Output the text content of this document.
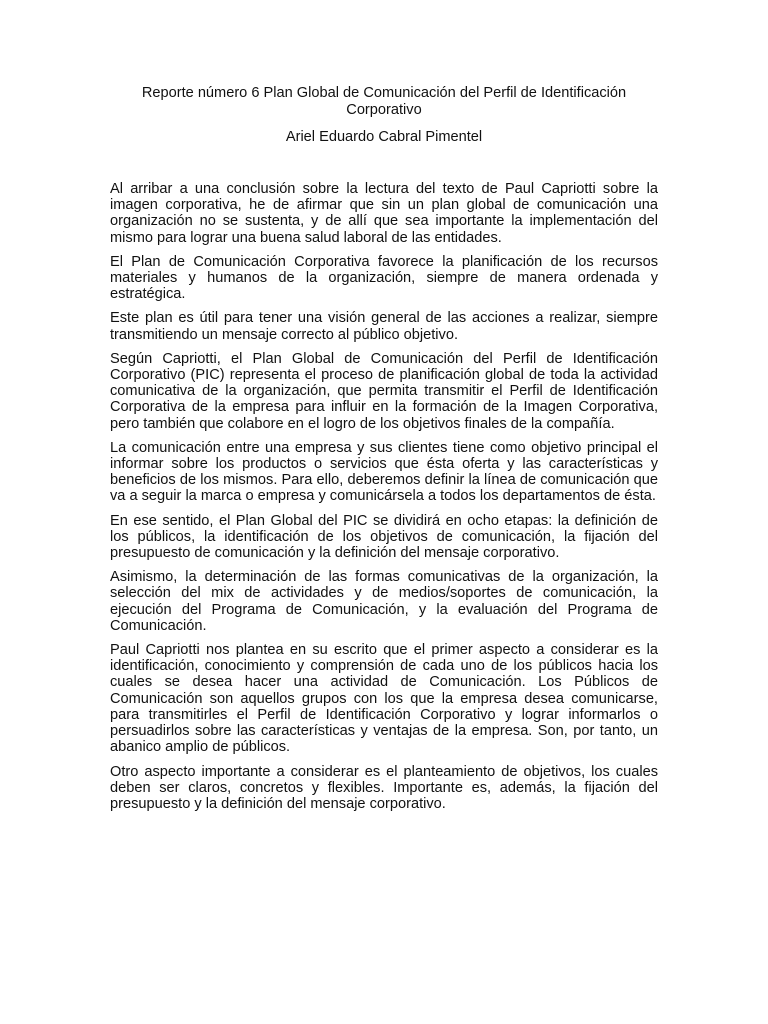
Reporte número 6 Plan Global de Comunicación del Perfil de Identificación Corporativo

Ariel Eduardo Cabral Pimentel

Al arribar a una conclusión sobre la lectura del texto de Paul Capriotti sobre la imagen corporativa, he de afirmar que sin un plan global de comunicación una organización no se sustenta, y de allí que sea importante la implementación del mismo para lograr una buena salud laboral de las entidades.

El Plan de Comunicación Corporativa favorece la planificación de los recursos materiales y humanos de la organización, siempre de manera ordenada y estratégica.

Este plan es útil para tener una visión general de las acciones a realizar, siempre transmitiendo un mensaje correcto al público objetivo.

Según Capriotti, el Plan Global de Comunicación del Perfil de Identificación Corporativo (PIC) representa el proceso de planificación global de toda la actividad comunicativa de la organización, que permita transmitir el Perfil de Identificación Corporativa de la empresa para influir en la formación de la Imagen Corporativa, pero también que colabore en el logro de los objetivos finales de la compañía.

La comunicación entre una empresa y sus clientes tiene como objetivo principal el informar sobre los productos o servicios que ésta oferta y las características y beneficios de los mismos. Para ello, deberemos definir la línea de comunicación que va a seguir la marca o empresa y comunicársela a todos los departamentos de ésta.

En ese sentido, el Plan Global del PIC se dividirá en ocho etapas: la definición de los públicos, la identificación de los objetivos de comunicación, la fijación del presupuesto de comunicación y la definición del mensaje corporativo.

Asimismo, la determinación de las formas comunicativas de la organización, la selección del mix de actividades y de medios/soportes de comunicación, la ejecución del Programa de Comunicación, y la evaluación del Programa de Comunicación.

Paul Capriotti nos plantea en su escrito que el primer aspecto a considerar es la identificación, conocimiento y comprensión de cada uno de los públicos hacia los cuales se desea hacer una actividad de Comunicación. Los Públicos de Comunicación son aquellos grupos con los que la empresa desea comunicarse, para transmitirles el Perfil de Identificación Corporativo y lograr informarlos o persuadirlos sobre las características y ventajas de la empresa. Son, por tanto, un abanico amplio de públicos.

Otro aspecto importante a considerar es el planteamiento de objetivos, los cuales deben ser claros, concretos y flexibles. Importante es, además, la fijación del presupuesto y la definición del mensaje corporativo.
